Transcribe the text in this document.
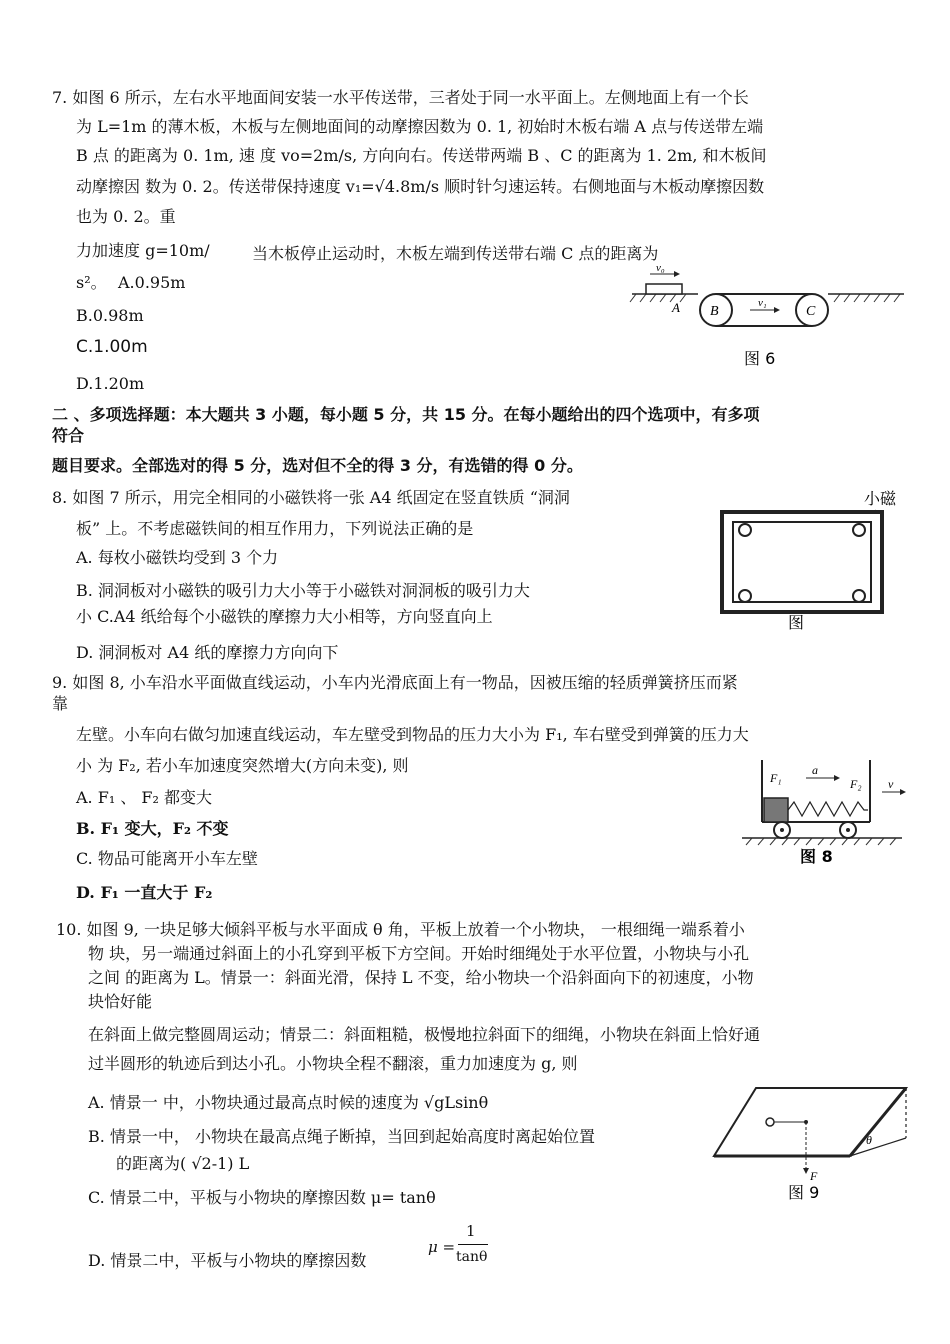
7. 如图 6 所示，左右水平地面间安装一水平传送带，三者处于同一水平面上。左侧地面上有一个长
为 L=1m 的薄木板，木板与左侧地面间的动摩擦因数为 0. 1, 初始时木板右端 A 点与传送带左端
B 点 的距离为 0. 1m, 速 度 vo=2m/s, 方向向右。传送带两端 B 、C 的距离为 1. 2m, 和木板间
动摩擦因 数为 0. 2。传送带保持速度 v₁=√4.8m/s 顺时针匀速运转。右侧地面与木板动摩擦因数
也为 0. 2。重
力加速度 g=10m/	当木板停止运动时，木板左端到传送带右端 C 点的距离为
s²。 A.0.95m
B.0.98m
C.1.00m
D.1.20m
v₀
B	C
A	v₁
图 6
二 、多项选择题：本大题共 3 小题，每小题 5 分，共 15 分。在每小题给出的四个选项中，有多项
符合
题目要求。全部选对的得 5 分，选对但不全的得 3 分，有选错的得 0 分。
8. 如图 7 所示，用完全相同的小磁铁将一张 A4 纸固定在竖直铁质 “洞洞
板” 上。不考虑磁铁间的相互作用力，下列说法正确的是
A. 每枚小磁铁均受到 3 个力
B. 洞洞板对小磁铁的吸引力大小等于小磁铁对洞洞板的吸引力大
小 C.A4 纸给每个小磁铁的摩擦力大小相等，方向竖直向上
D. 洞洞板对 A4 纸的摩擦力方向向下
小磁
图
9. 如图 8, 小车沿水平面做直线运动，小车内光滑底面上有一物品，因被压缩的轻质弹簧挤压而紧
靠
左壁。小车向右做匀加速直线运动，车左壁受到物品的压力大小为 F₁, 车右壁受到弹簧的压力大
小 为 F₂, 若小车加速度突然增大(方向未变), 则
A. F₁ 、 F₂ 都变大
B. F₁ 变大，F₂ 不变
C. 物品可能离开小车左壁
D. F₁ 一直大于 F₂
a
F₁	F₂ v
图 8
10. 如图 9, 一块足够大倾斜平板与水平面成 θ 角，平板上放着一个小物块， 一根细绳一端系着小
物 块，另一端通过斜面上的小孔穿到平板下方空间。开始时细绳处于水平位置，小物块与小孔
之间 的距离为 L。情景一：斜面光滑，保持 L 不变，给小物块一个沿斜面向下的初速度，小物
块恰好能
在斜面上做完整圆周运动；情景二：斜面粗糙，极慢地拉斜面下的细绳，小物块在斜面上恰好通
过半圆形的轨迹后到达小孔。小物块全程不翻滚，重力加速度为 g, 则
A. 情景一 中，小物块通过最高点时候的速度为 √gLsinθ
B. 情景一中， 小物块在最高点绳子断掉，当回到起始高度时离起始位置
的距离为( √2-1) L
C. 情景二中，平板与小物块的摩擦因数 μ= tanθ
D. 情景二中，平板与小物块的摩擦因数
μ =
1
tanθ
θ
F
图 9
